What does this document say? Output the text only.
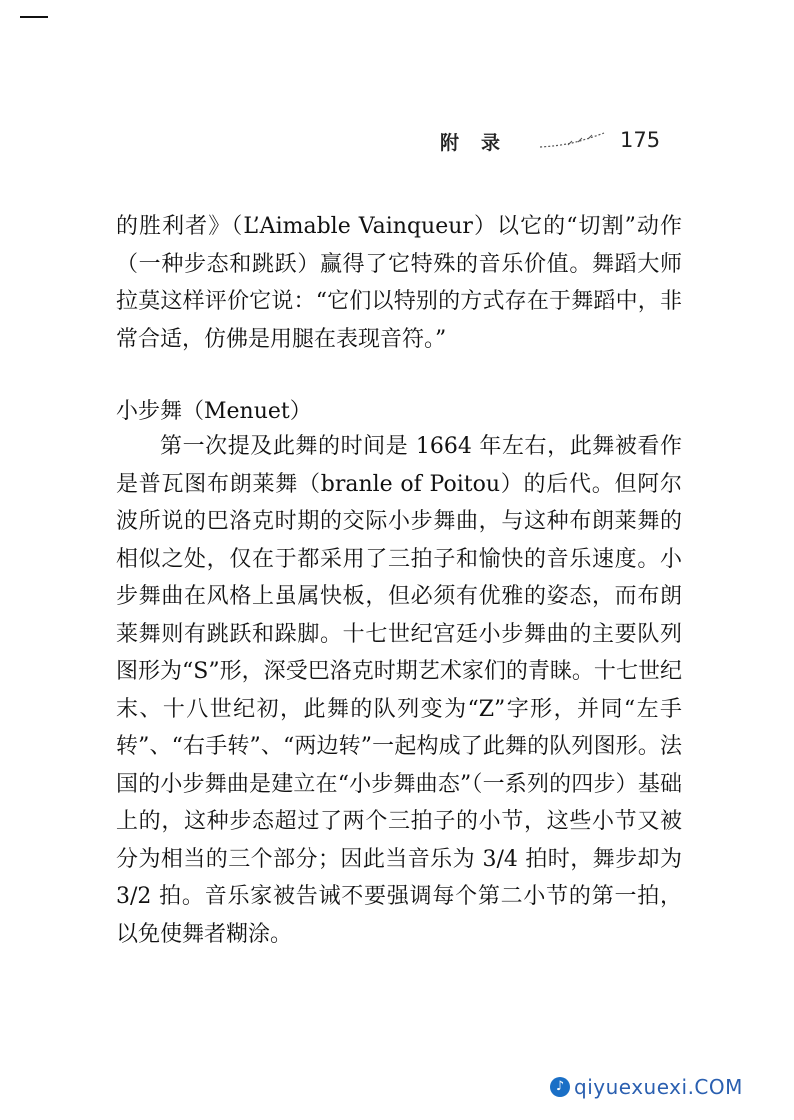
附录	175

的胜利者》（L’Aimable Vainqueur）以它的“切割”动作（一种步态和跳跃）赢得了它特殊的音乐价值。舞蹈大师拉莫这样评价它说：“它们以特别的方式存在于舞蹈中，非常合适，仿佛是用腿在表现音符。”

小步舞（Menuet）

第一次提及此舞的时间是 1664 年左右，此舞被看作是普瓦图布朗莱舞（branle of Poitou）的后代。但阿尔波所说的巴洛克时期的交际小步舞曲，与这种布朗莱舞的相似之处，仅在于都采用了三拍子和愉快的音乐速度。小步舞曲在风格上虽属快板，但必须有优雅的姿态，而布朗莱舞则有跳跃和跺脚。十七世纪宫廷小步舞曲的主要队列图形为“S”形，深受巴洛克时期艺术家们的青睐。十七世纪末、十八世纪初，此舞的队列变为“Z”字形，并同“左手转”、“右手转”、“两边转”一起构成了此舞的队列图形。法国的小步舞曲是建立在“小步舞曲态”（一系列的四步）基础上的，这种步态超过了两个三拍子的小节，这些小节又被分为相当的三个部分；因此当音乐为 3/4 拍时，舞步却为 3/2 拍。音乐家被告诫不要强调每个第二小节的第一拍，以免使舞者糊涂。

♪ qiyuexuexi.COM
